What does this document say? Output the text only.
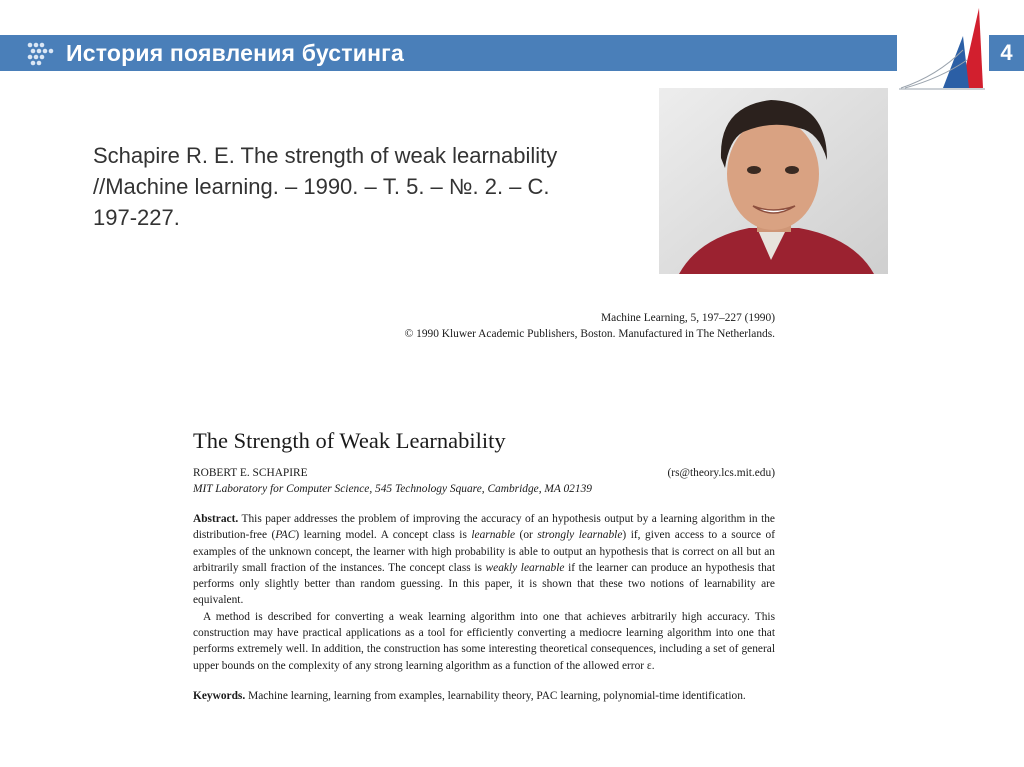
История появления бустинга	4
Schapire R. E. The strength of weak learnability //Machine learning. – 1990. – Т. 5. – №. 2. – С. 197-227.
Machine Learning, 5, 197–227 (1990)
© 1990 Kluwer Academic Publishers, Boston. Manufactured in The Netherlands.
The Strength of Weak Learnability
ROBERT E. SCHAPIRE	(rs@theory.lcs.mit.edu)
MIT Laboratory for Computer Science, 545 Technology Square, Cambridge, MA 02139

Abstract. This paper addresses the problem of improving the accuracy of an hypothesis output by a learning algorithm in the distribution-free (PAC) learning model. A concept class is learnable (or strongly learnable) if, given access to a source of examples of the unknown concept, the learner with high probability is able to output an hypothesis that is correct on all but an arbitrarily small fraction of the instances. The concept class is weakly learnable if the learner can produce an hypothesis that performs only slightly better than random guessing. In this paper, it is shown that these two notions of learnability are equivalent.

A method is described for converting a weak learning algorithm into one that achieves arbitrarily high accuracy. This construction may have practical applications as a tool for efficiently converting a mediocre learning algorithm into one that performs extremely well. In addition, the construction has some interesting theoretical consequences, including a set of general upper bounds on the complexity of any strong learning algorithm as a function of the allowed error ε.

Keywords. Machine learning, learning from examples, learnability theory, PAC learning, polynomial-time identification.
